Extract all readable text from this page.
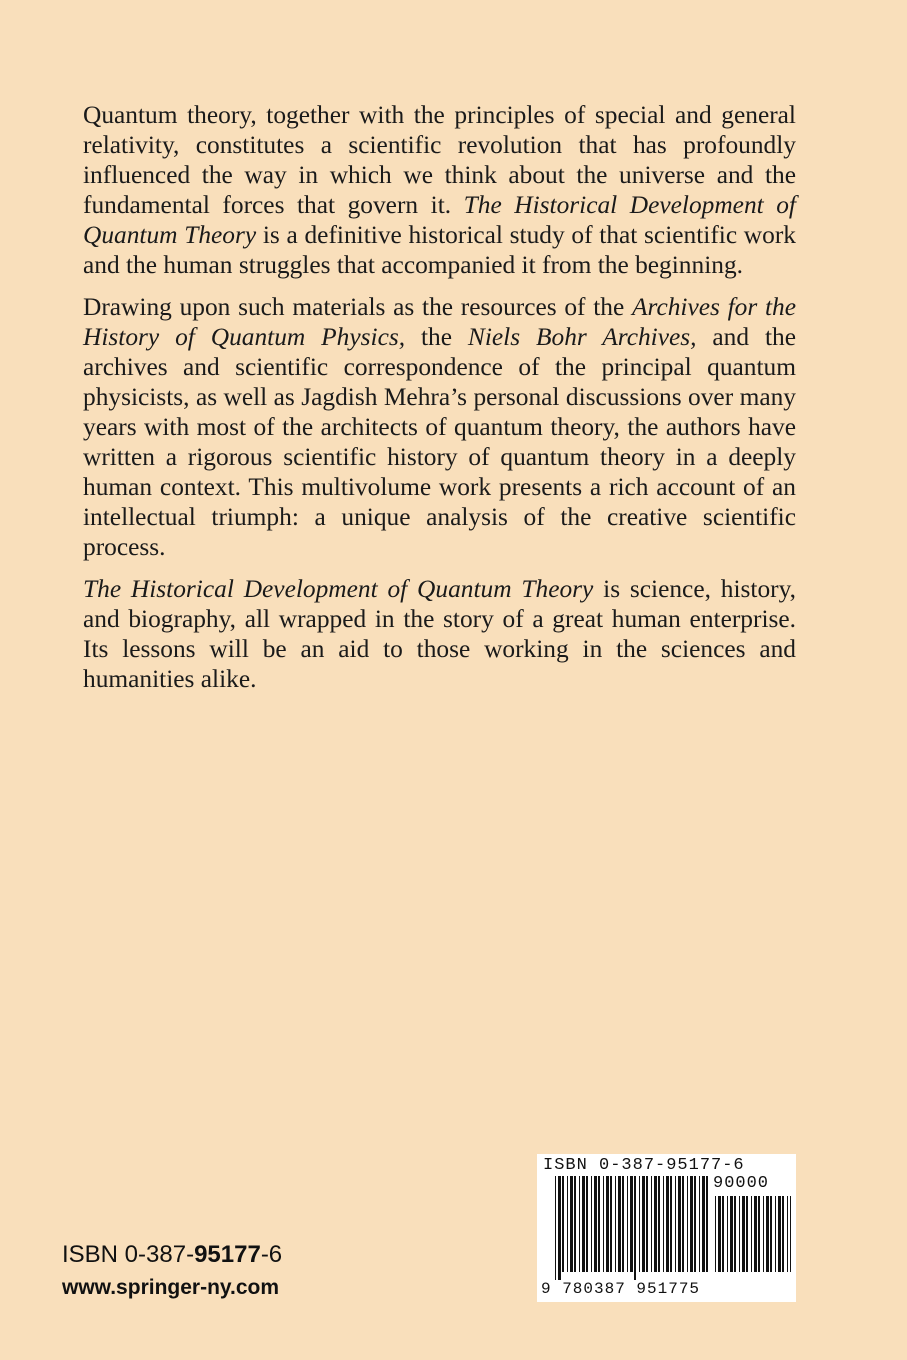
Quantum theory, together with the principles of special and general relativity, constitutes a scientific revolution that has profoundly influenced the way in which we think about the universe and the fundamental forces that govern it. The Historical Development of Quantum Theory is a definitive historical study of that scientific work and the human struggles that accompanied it from the beginning.

Drawing upon such materials as the resources of the Archives for the History of Quantum Physics, the Niels Bohr Archives, and the archives and scientific correspondence of the principal quantum physicists, as well as Jagdish Mehra’s personal discussions over many years with most of the architects of quantum theory, the authors have written a rigorous scientific history of quantum theory in a deeply human context. This multivolume work presents a rich account of an intellectual triumph: a unique analysis of the creative scientific process.

The Historical Development of Quantum Theory is science, history, and biography, all wrapped in the story of a great human enterprise. Its lessons will be an aid to those working in the sciences and humanities alike.

ISBN 0-387-95177-6
www.springer-ny.com
ISBN 0-387-95177-6
90000
9 780387 951775
